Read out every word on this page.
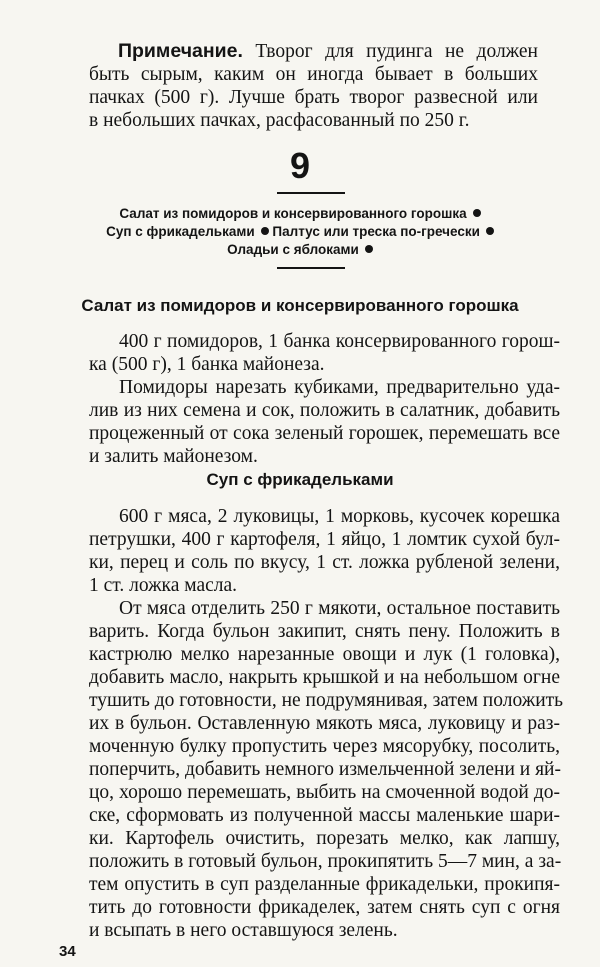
Примечание. Творог для пудинга не должен
быть сырым, каким он иногда бывает в больших
пачках (500 г). Лучше брать творог развесной или
в небольших пачках, расфасованный по 250 г.
9
Салат из помидоров и консервированного горошка
Суп с фрикадельками Палтус или треска по-гречески
Оладьи с яблоками
Салат из помидоров и консервированного горошка
400 г помидоров, 1 банка консервированного горош-
ка (500 г), 1 банка майонеза.
Помидоры нарезать кубиками, предварительно уда-
лив из них семена и сок, положить в салатник, добавить
процеженный от сока зеленый горошек, перемешать все
и залить майонезом.
Суп с фрикадельками
600 г мяса, 2 луковицы, 1 морковь, кусочек корешка
петрушки, 400 г картофеля, 1 яйцо, 1 ломтик сухой бул-
ки, перец и соль по вкусу, 1 ст. ложка рубленой зелени,
1 ст. ложка масла.
От мяса отделить 250 г мякоти, остальное поставить
варить. Когда бульон закипит, снять пену. Положить в
кастрюлю мелко нарезанные овощи и лук (1 головка),
добавить масло, накрыть крышкой и на небольшом огне
тушить до готовности, не подрумянивая, затем положить
их в бульон. Оставленную мякоть мяса, луковицу и раз-
моченную булку пропустить через мясорубку, посолить,
поперчить, добавить немного измельченной зелени и яй-
цо, хорошо перемешать, выбить на смоченной водой до-
ске, сформовать из полученной массы маленькие шари-
ки. Картофель очистить, порезать мелко, как лапшу,
положить в готовый бульон, прокипятить 5—7 мин, а за-
тем опустить в суп разделанные фрикадельки, прокипя-
тить до готовности фрикаделек, затем снять суп с огня
и всыпать в него оставшуюся зелень.
34
